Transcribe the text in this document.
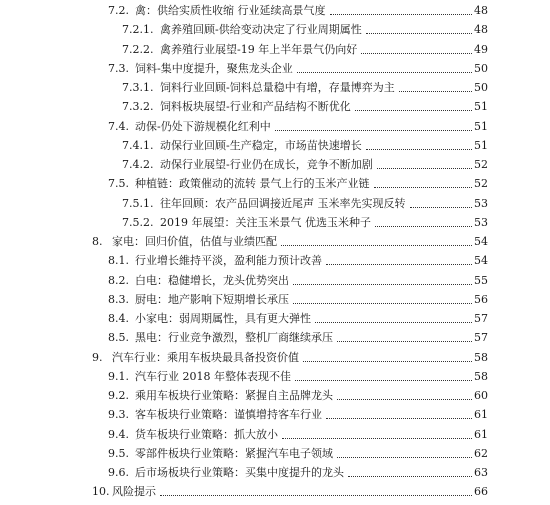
7.2. 禽：供给实质性收缩 行业延续高景气度	48
7.2.1. 禽养殖回顾-供给变动决定了行业周期属性	48
7.2.2. 禽养殖行业展望-19 年上半年景气仍向好	49
7.3. 饲料-集中度提升，聚焦龙头企业	50
7.3.1. 饲料行业回顾-饲料总量稳中有增，存量博弈为主	50
7.3.2. 饲料板块展望-行业和产品结构不断优化	51
7.4. 动保-仍处下游规模化红利中	51
7.4.1. 动保行业回顾-生产稳定，市场苗快速增长	51
7.4.2. 动保行业展望-行业仍在成长，竞争不断加剧	52
7.5. 种植链：政策催动的流转 景气上行的玉米产业链	52
7.5.1. 往年回顾：农产品回调接近尾声 玉米率先实现反转	53
7.5.2. 2019 年展望：关注玉米景气 优选玉米种子	53
8. 家电：回归价值，估值与业绩匹配	54
8.1. 行业增长維持平淡，盈利能力预计改善	54
8.2. 白电：稳健增长，龙头优势突出	55
8.3. 厨电：地产影响下短期增长承压	56
8.4. 小家电：弱周期属性，具有更大弹性	57
8.5. 黑电：行业竞争激烈，整机厂商继续承压	57
9. 汽车行业：乘用车板块最具备投资价值	58
9.1. 汽车行业 2018 年整体表现不佳	58
9.2. 乘用车板块行业策略：紧握自主品牌龙头	60
9.3. 客车板块行业策略：谨慎增持客车行业	61
9.4. 货车板块行业策略：抓大放小	61
9.5. 零部件板块行业策略：紧握汽车电子领域	62
9.6. 后市场板块行业策略：买集中度提升的龙头	63
10. 风险提示	66
